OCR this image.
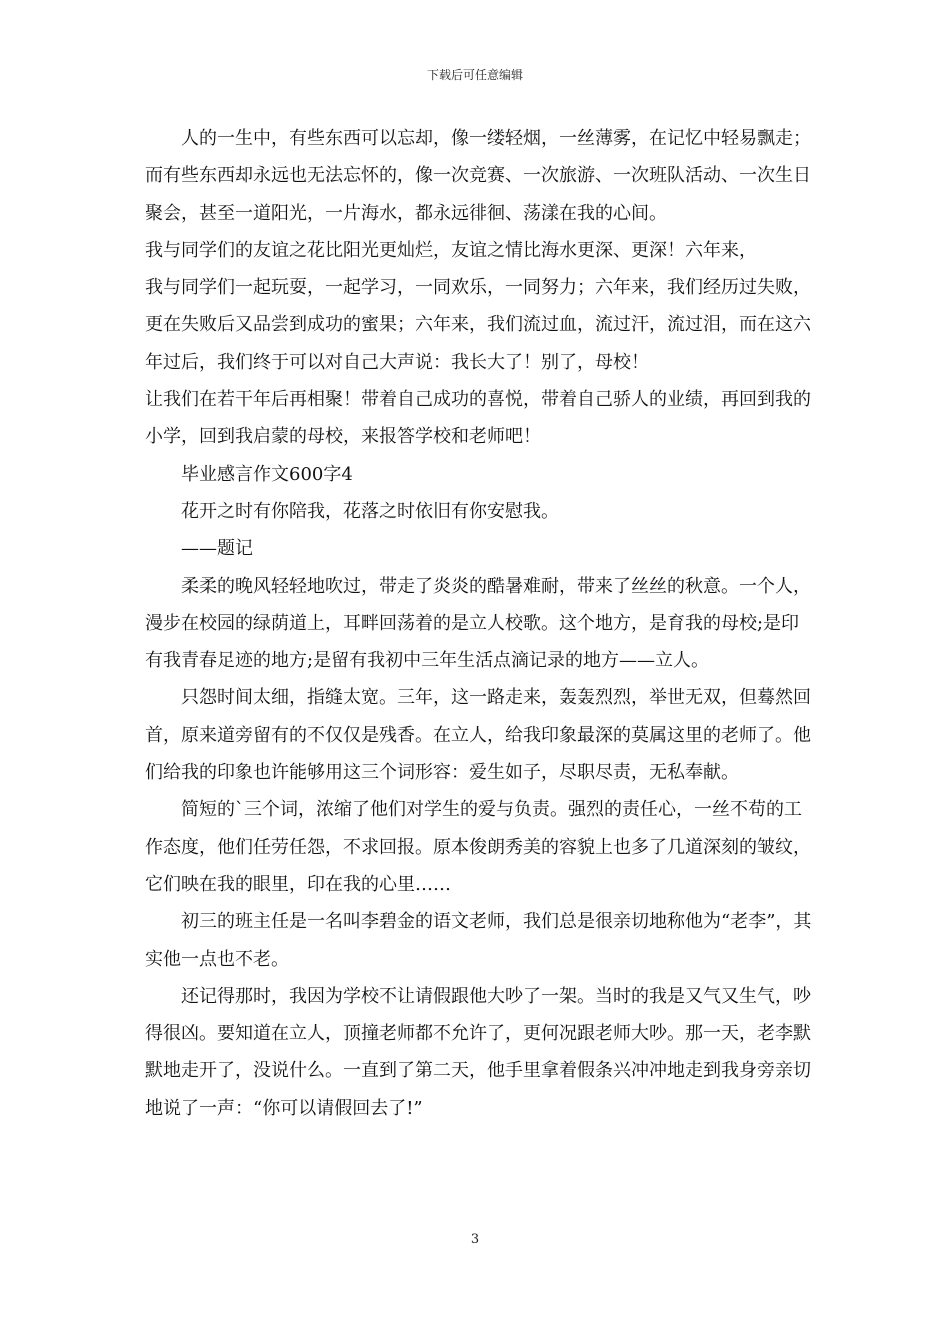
下载后可任意编辑

人的一生中，有些东西可以忘却，像一缕轻烟，一丝薄雾，在记忆中轻易飘走；而有些东西却永远也无法忘怀的，像一次竞赛、一次旅游、一次班队活动、一次生日聚会，甚至一道阳光，一片海水，都永远徘徊、荡漾在我的心间。

我与同学们的友谊之花比阳光更灿烂，友谊之情比海水更深、更深！六年来，

我与同学们一起玩耍，一起学习，一同欢乐，一同努力；六年来，我们经历过失败，更在失败后又品尝到成功的蜜果；六年来，我们流过血，流过汗，流过泪，而在这六年过后，我们终于可以对自己大声说：我长大了！别了，母校！

让我们在若干年后再相聚！带着自己成功的喜悦，带着自己骄人的业绩，再回到我的小学，回到我启蒙的母校，来报答学校和老师吧！

毕业感言作文600字4

花开之时有你陪我，花落之时依旧有你安慰我。

——题记

柔柔的晚风轻轻地吹过，带走了炎炎的酷暑难耐，带来了丝丝的秋意。一个人，漫步在校园的绿荫道上，耳畔回荡着的是立人校歌。这个地方，是育我的母校;是印有我青春足迹的地方;是留有我初中三年生活点滴记录的地方——立人。

只怨时间太细，指缝太宽。三年，这一路走来，轰轰烈烈，举世无双，但蓦然回首，原来道旁留有的不仅仅是残香。在立人，给我印象最深的莫属这里的老师了。他们给我的印象也许能够用这三个词形容：爱生如子，尽职尽责，无私奉献。

简短的`三个词，浓缩了他们对学生的爱与负责。强烈的责任心，一丝不苟的工作态度，他们任劳任怨，不求回报。原本俊朗秀美的容貌上也多了几道深刻的皱纹，它们映在我的眼里，印在我的心里……

初三的班主任是一名叫李碧金的语文老师，我们总是很亲切地称他为“老李”，其实他一点也不老。

还记得那时，我因为学校不让请假跟他大吵了一架。当时的我是又气又生气，吵得很凶。要知道在立人，顶撞老师都不允许了，更何况跟老师大吵。那一天，老李默默地走开了，没说什么。一直到了第二天，他手里拿着假条兴冲冲地走到我身旁亲切地说了一声：“你可以请假回去了!”

3
